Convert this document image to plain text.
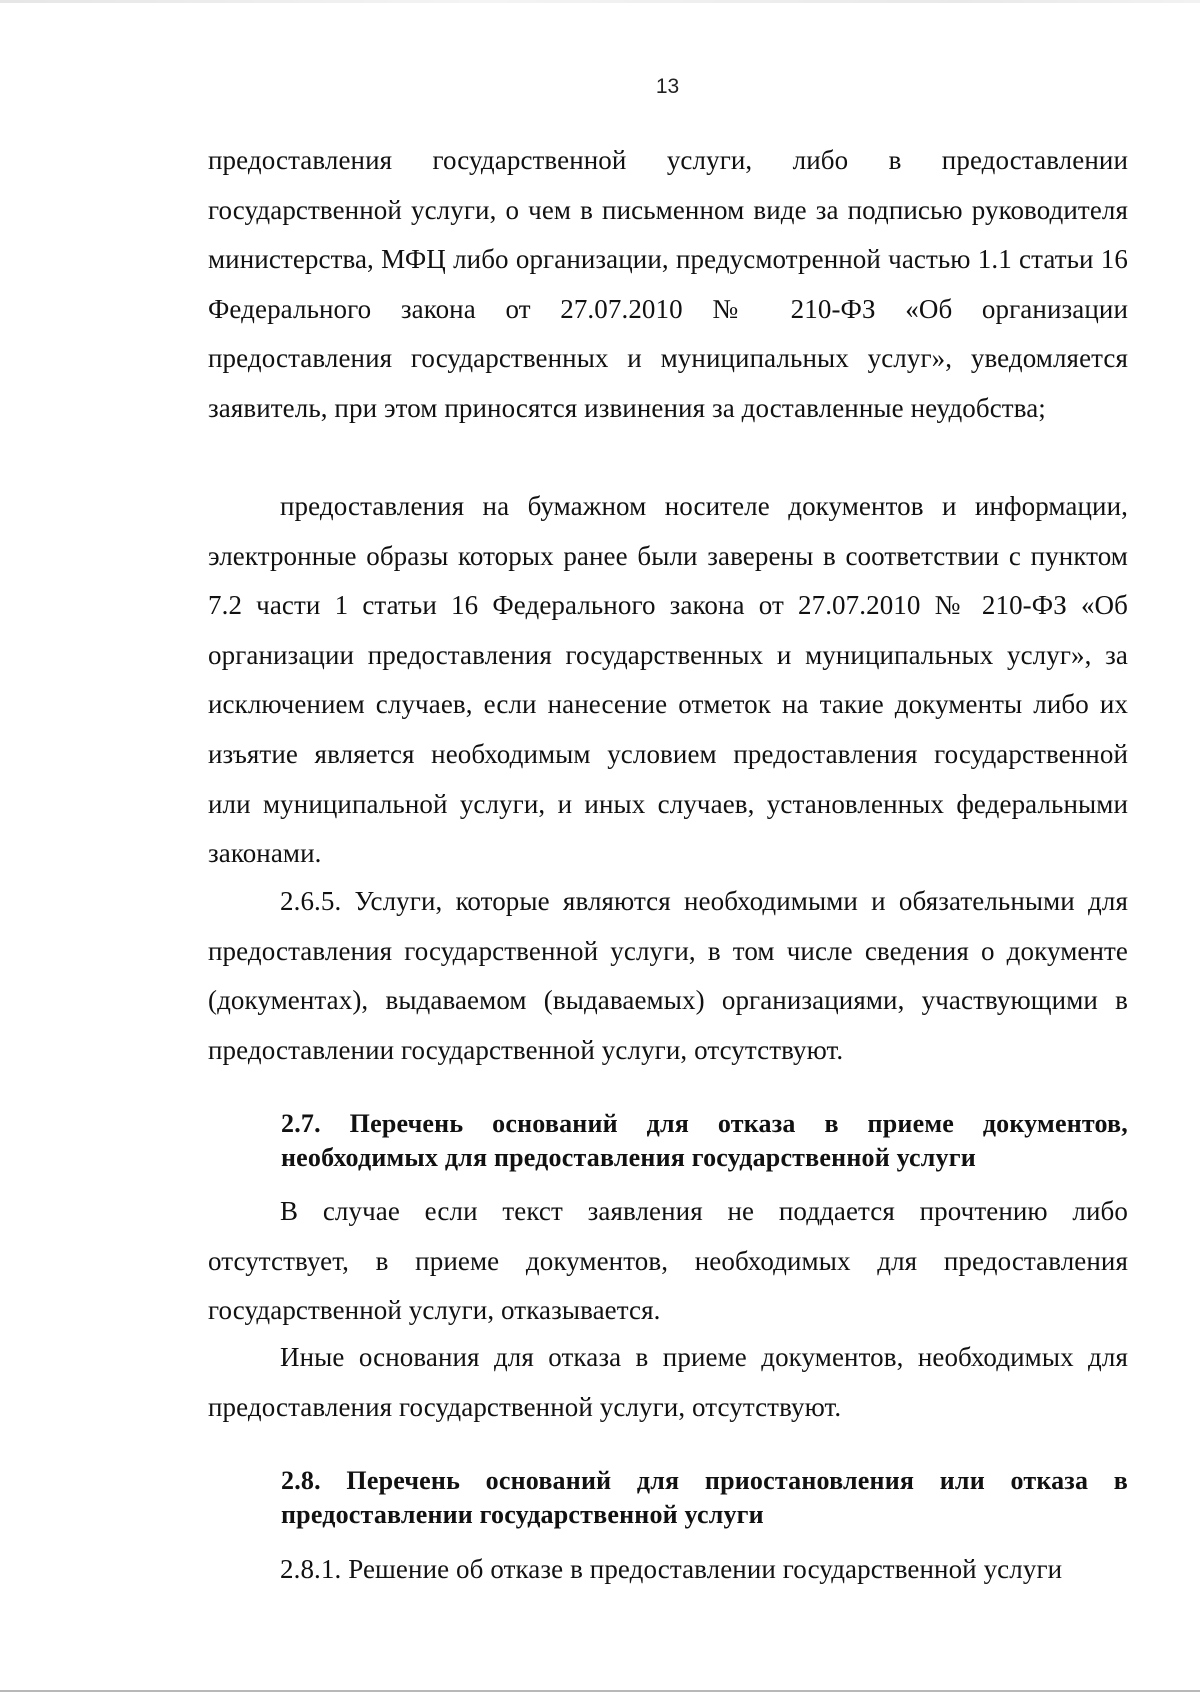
13

предоставления государственной услуги, либо в предоставлении государственной услуги, о чем в письменном виде за подписью руководителя министерства, МФЦ либо организации, предусмотренной частью 1.1 статьи 16 Федерального закона от 27.07.2010 № 210-ФЗ «Об организации предоставления государственных и муниципальных услуг», уведомляется заявитель, при этом приносятся извинения за доставленные неудобства;

предоставления на бумажном носителе документов и информации, электронные образы которых ранее были заверены в соответствии с пунктом 7.2 части 1 статьи 16 Федерального закона от 27.07.2010 № 210-ФЗ «Об организации предоставления государственных и муниципальных услуг», за исключением случаев, если нанесение отметок на такие документы либо их изъятие является необходимым условием предоставления государственной или муниципальной услуги, и иных случаев, установленных федеральными законами.

2.6.5. Услуги, которые являются необходимыми и обязательными для предоставления государственной услуги, в том числе сведения о документе (документах), выдаваемом (выдаваемых) организациями, участвующими в предоставлении государственной услуги, отсутствуют.

2.7. Перечень оснований для отказа в приеме документов, необходимых для предоставления государственной услуги

В случае если текст заявления не поддается прочтению либо отсутствует, в приеме документов, необходимых для предоставления государственной услуги, отказывается.

Иные основания для отказа в приеме документов, необходимых для предоставления государственной услуги, отсутствуют.

2.8. Перечень оснований для приостановления или отказа в предоставлении государственной услуги

2.8.1. Решение об отказе в предоставлении государственной услуги
